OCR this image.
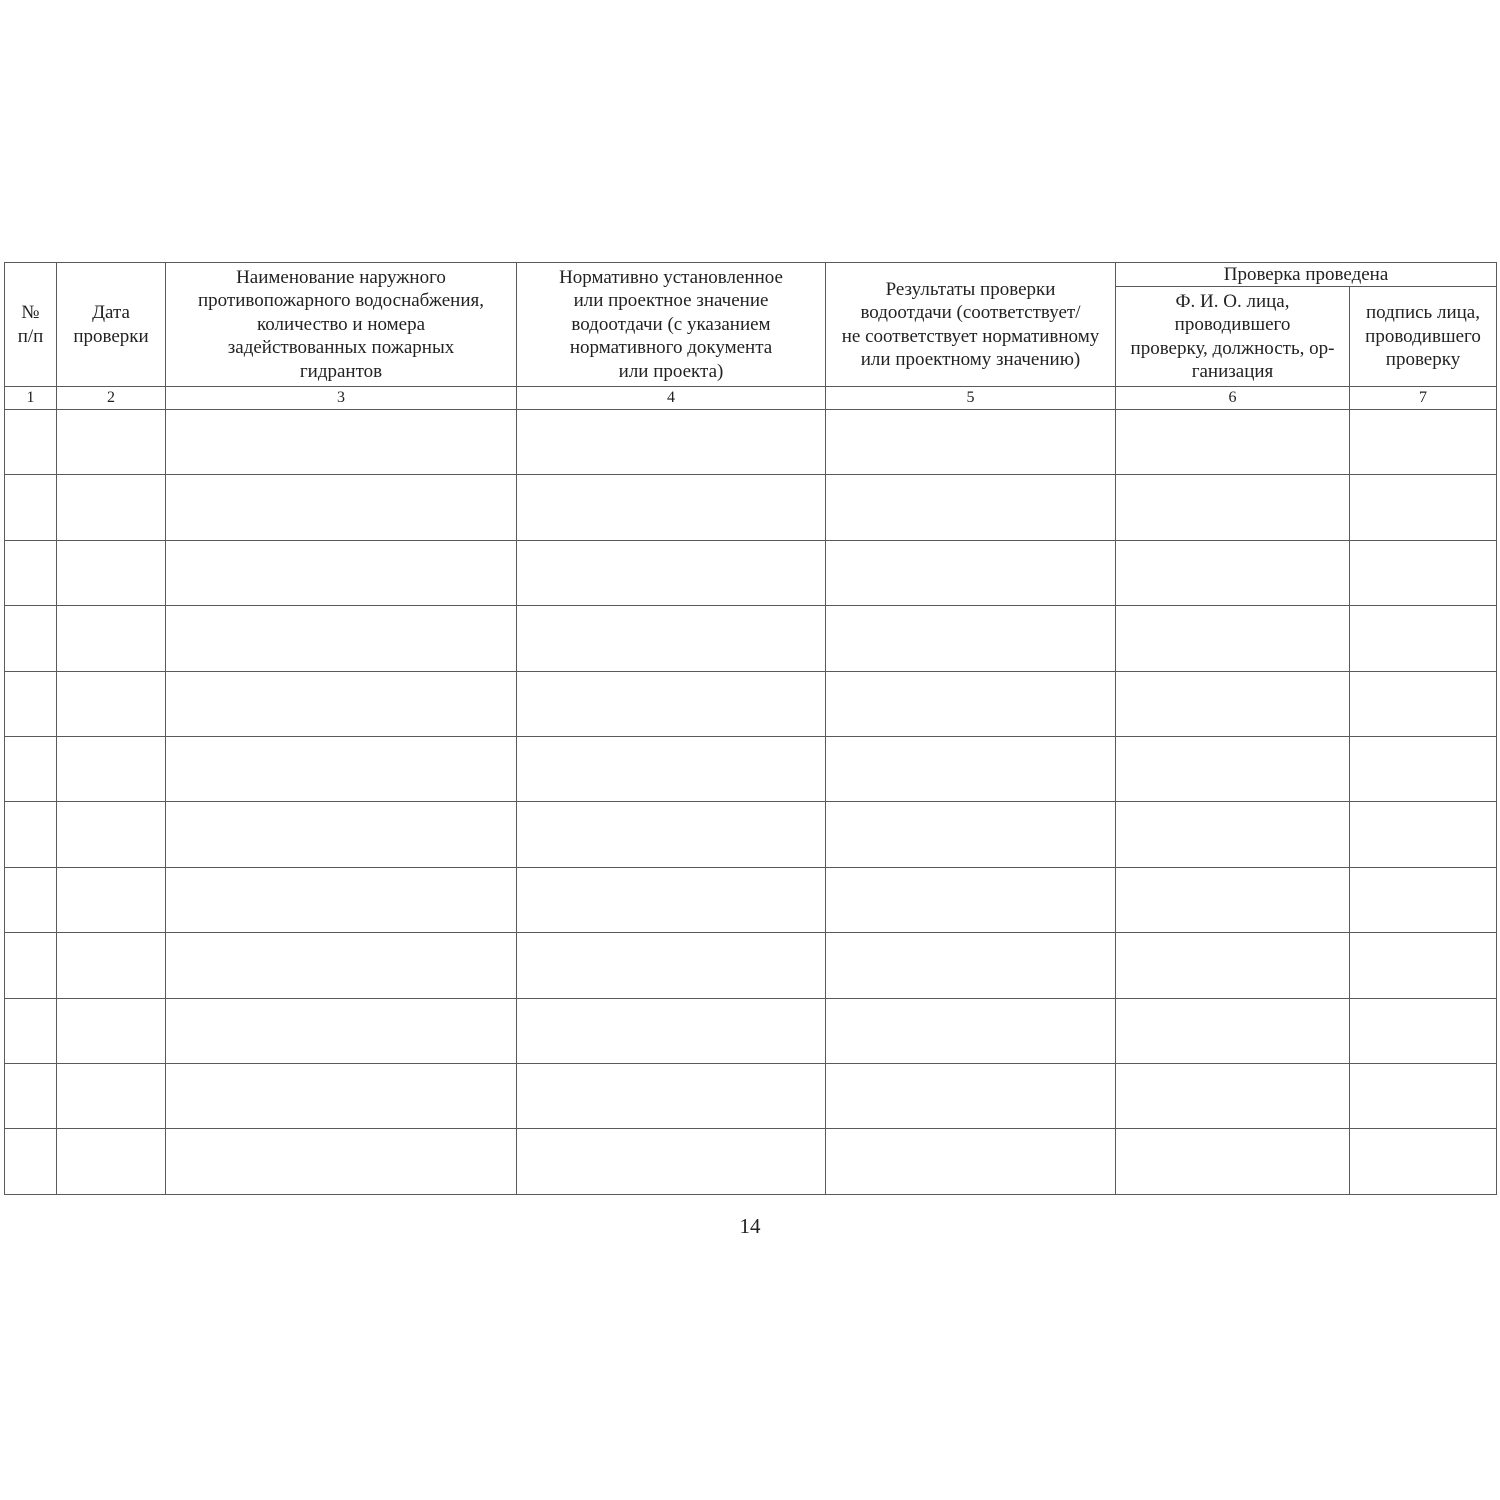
№
п/п	Дата
проверки	Наименование наружного
противопожарного водоснабжения,
количество и номера
задействованных пожарных
гидрантов	Нормативно установленное
или проектное значение
водоотдачи (с указанием
нормативного документа
или проекта)	Результаты проверки
водоотдачи (соответствует/
не соответствует нормативному
или проектному значению)	Проверка проведена	
					Ф. И. О. лица,
проводившего
проверку, должность, ор-
ганизация	подпись лица,
проводившего
проверку
1	2	3	4	5	6	7

14
